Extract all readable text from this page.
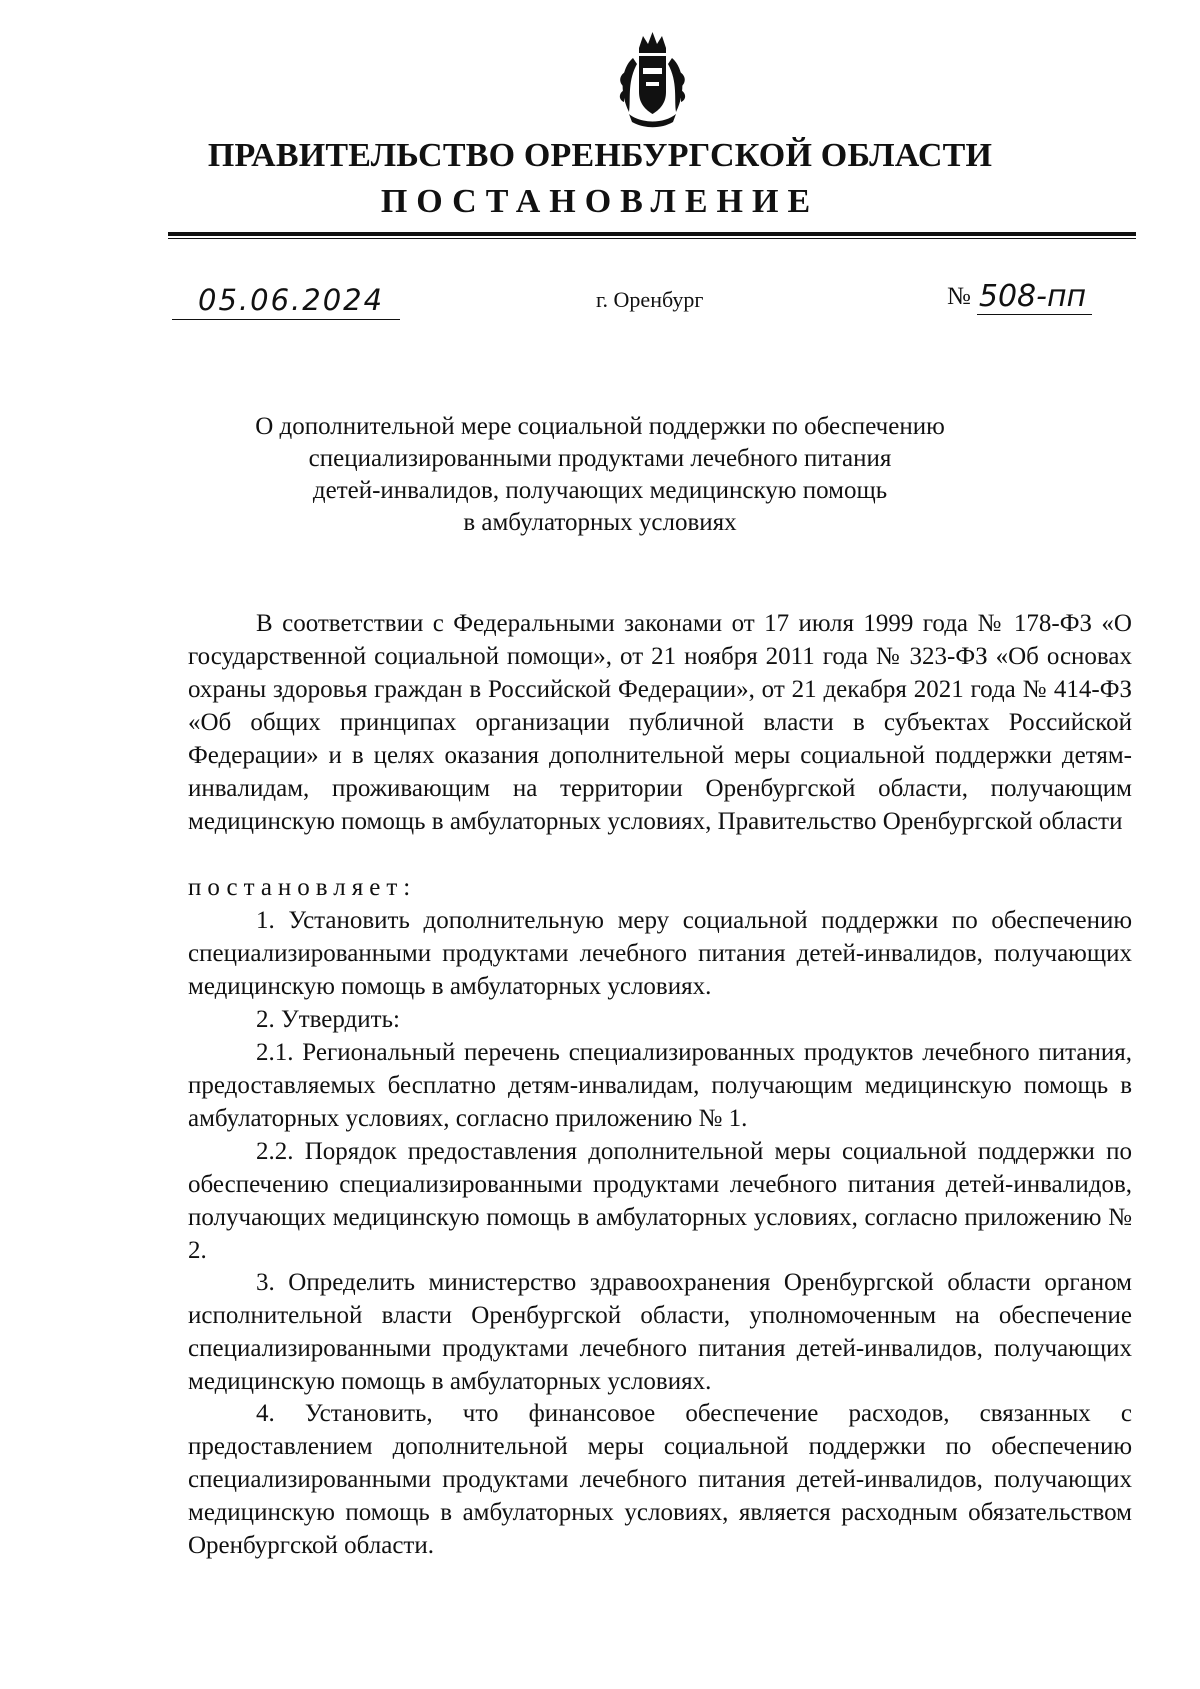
ПРАВИТЕЛЬСТВО ОРЕНБУРГСКОЙ ОБЛАСТИ
ПОСТАНОВЛЕНИЕ
05.06.2024	г. Оренбург	№ 508-пп
О дополнительной мере социальной поддержки по обеспечению
специализированными продуктами лечебного питания
детей-инвалидов, получающих медицинскую помощь
в амбулаторных условиях

В соответствии с Федеральными законами от 17 июля 1999 года № 178-ФЗ «О государственной социальной помощи», от 21 ноября 2011 года № 323-ФЗ «Об основах охраны здоровья граждан в Российской Федерации», от 21 декабря 2021 года № 414-ФЗ «Об общих принципах организации публичной власти в субъектах Российской Федерации» и в целях оказания дополнительной меры социальной поддержки детям-инвалидам, проживающим на территории Оренбургской области, получающим медицинскую помощь в амбулаторных условиях, Правительство Оренбургской области

постановляет:

1. Установить дополнительную меру социальной поддержки по обеспечению специализированными продуктами лечебного питания детей-инвалидов, получающих медицинскую помощь в амбулаторных условиях.

2. Утвердить:

2.1. Региональный перечень специализированных продуктов лечебного питания, предоставляемых бесплатно детям-инвалидам, получающим медицинскую помощь в амбулаторных условиях, согласно приложению № 1.

2.2. Порядок предоставления дополнительной меры социальной поддержки по обеспечению специализированными продуктами лечебного питания детей-инвалидов, получающих медицинскую помощь в амбулаторных условиях, согласно приложению № 2.

3. Определить министерство здравоохранения Оренбургской области органом исполнительной власти Оренбургской области, уполномоченным на обеспечение специализированными продуктами лечебного питания детей-инвалидов, получающих медицинскую помощь в амбулаторных условиях.

4. Установить, что финансовое обеспечение расходов, связанных с предоставлением дополнительной меры социальной поддержки по обеспечению специализированными продуктами лечебного питания детей-инвалидов, получающих медицинскую помощь в амбулаторных условиях, является расходным обязательством Оренбургской области.
